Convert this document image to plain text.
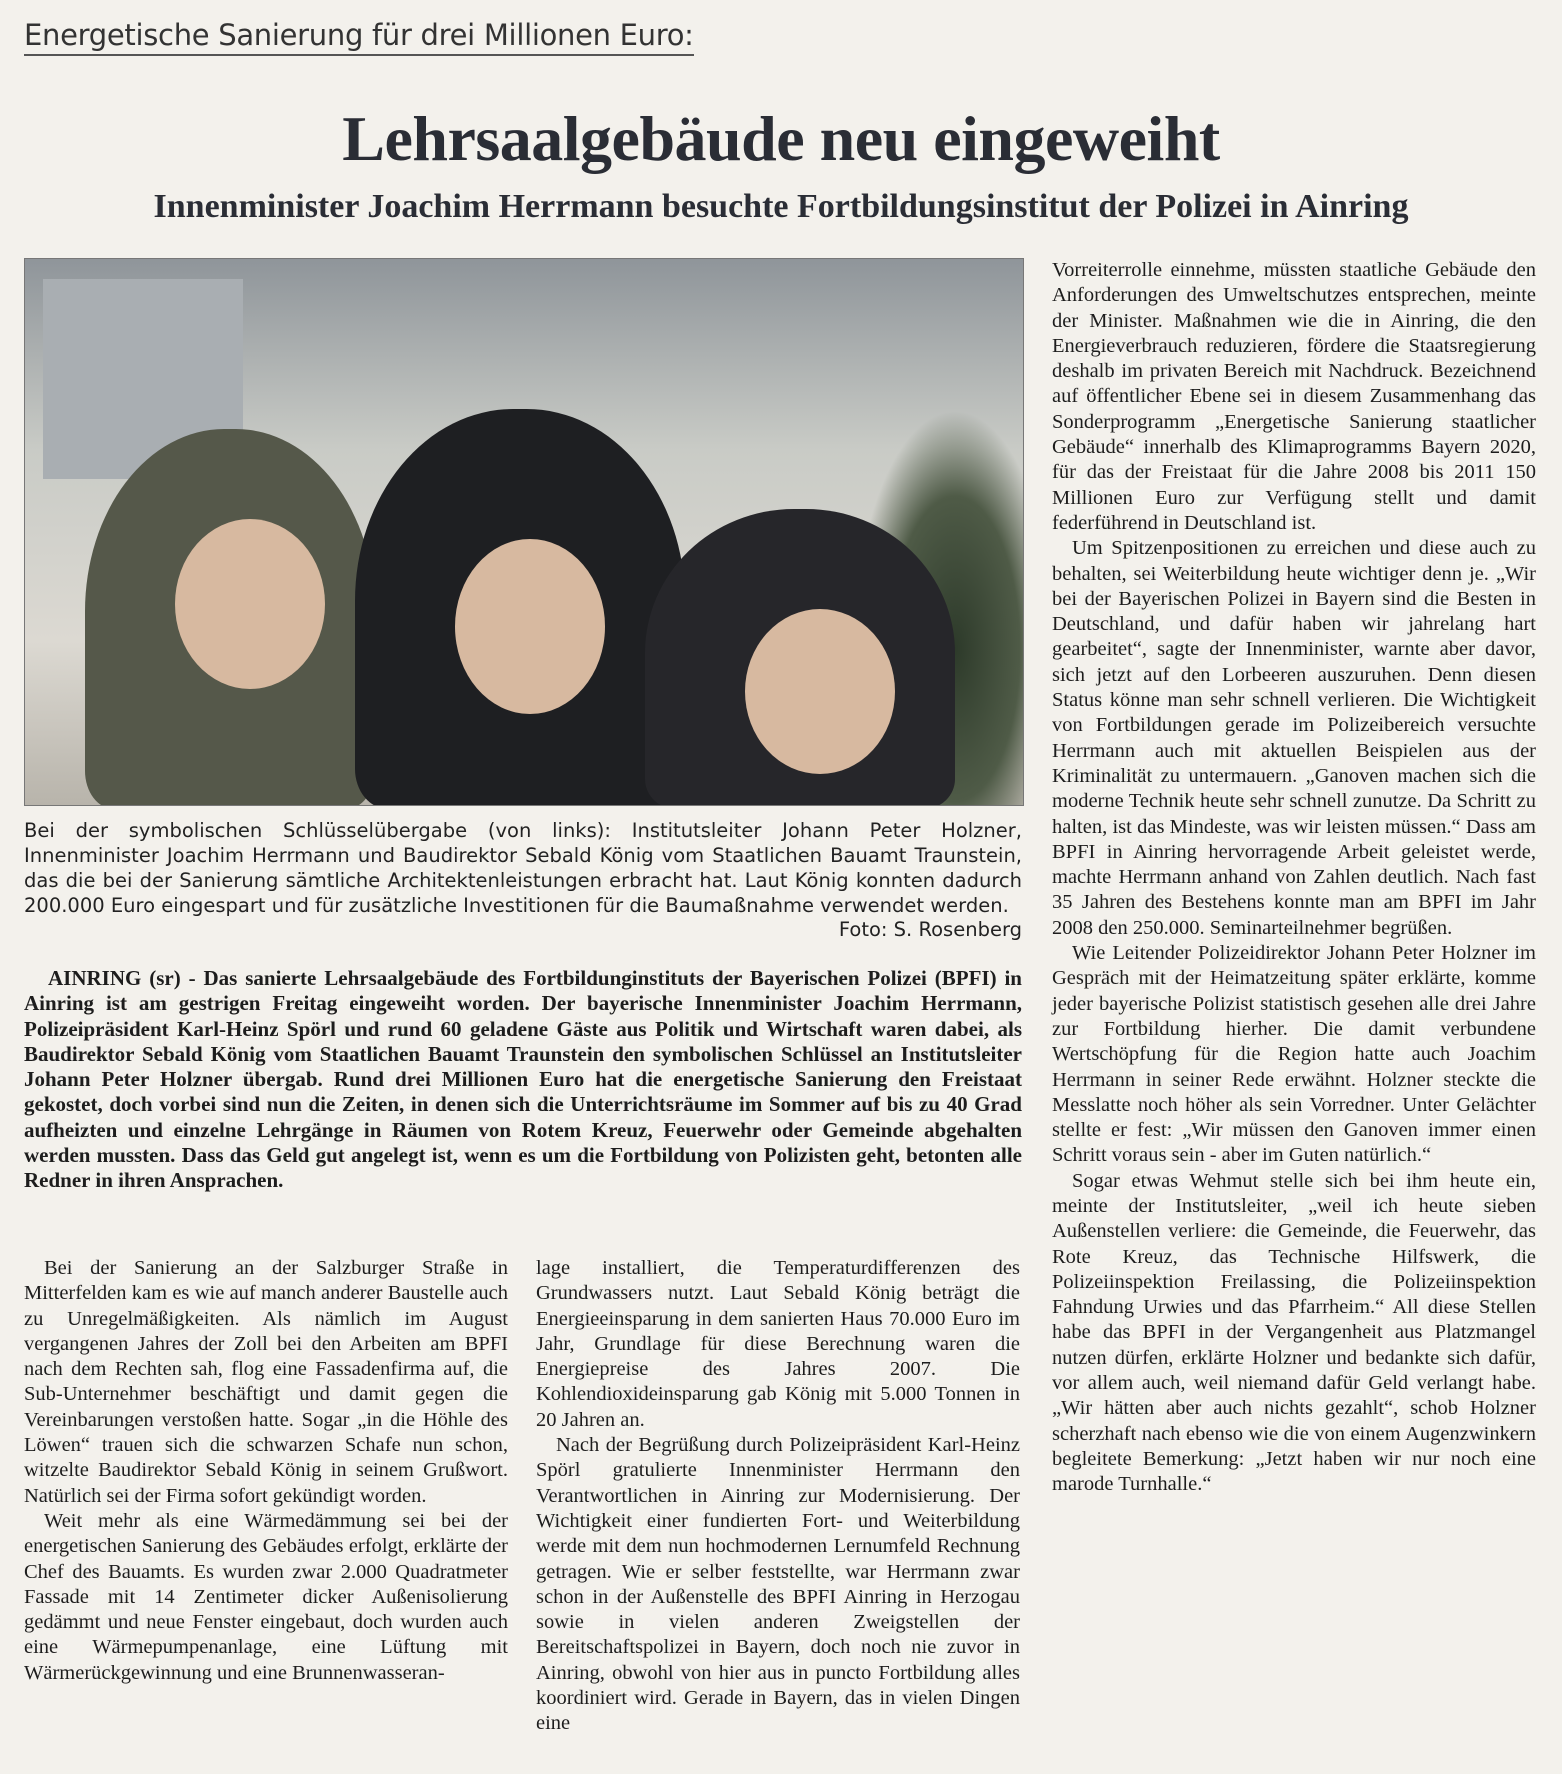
Energetische Sanierung für drei Millionen Euro:
Lehrsaalgebäude neu eingeweiht
Innenminister Joachim Herrmann besuchte Fortbildungsinstitut der Polizei in Ainring

Bei der symbolischen Schlüsselübergabe (von links): Institutsleiter Johann Peter Holzner, Innenminister Joachim Herrmann und Baudirektor Sebald König vom Staatlichen Bauamt Traunstein, das die bei der Sanierung sämtliche Architektenleistungen erbracht hat. Laut König konnten dadurch 200.000 Euro eingespart und für zusätzliche Investitionen für die Baumaßnahme verwendet werden.

Foto: S. Rosenberg

AINRING (sr) - Das sanierte Lehrsaalgebäude des Fortbildunginstituts der Bayerischen Polizei (BPFI) in Ainring ist am gestrigen Freitag eingeweiht worden. Der bayerische Innenminister Joachim Herrmann, Polizeipräsident Karl-Heinz Spörl und rund 60 geladene Gäste aus Politik und Wirtschaft waren dabei, als Baudirektor Sebald König vom Staatlichen Bauamt Traunstein den symbolischen Schlüssel an Institutsleiter Johann Peter Holzner übergab. Rund drei Millionen Euro hat die energetische Sanierung den Freistaat gekostet, doch vorbei sind nun die Zeiten, in denen sich die Unterrichtsräume im Sommer auf bis zu 40 Grad aufheizten und einzelne Lehrgänge in Räumen von Rotem Kreuz, Feuerwehr oder Gemeinde abgehalten werden mussten. Dass das Geld gut angelegt ist, wenn es um die Fortbildung von Polizisten geht, betonten alle Redner in ihren Ansprachen.

Bei der Sanierung an der Salzburger Straße in Mitterfelden kam es wie auf manch anderer Baustelle auch zu Unregelmäßigkeiten. Als nämlich im August vergangenen Jahres der Zoll bei den Arbeiten am BPFI nach dem Rechten sah, flog eine Fassadenfirma auf, die Sub-Unternehmer beschäftigt und damit gegen die Vereinbarungen verstoßen hatte. Sogar „in die Höhle des Löwen“ trauen sich die schwarzen Schafe nun schon, witzelte Baudirektor Sebald König in seinem Grußwort. Natürlich sei der Firma sofort gekündigt worden.

Weit mehr als eine Wärmedämmung sei bei der energetischen Sanierung des Gebäudes erfolgt, erklärte der Chef des Bauamts. Es wurden zwar 2.000 Quadratmeter Fassade mit 14 Zentimeter dicker Außenisolierung gedämmt und neue Fenster eingebaut, doch wurden auch eine Wärmepumpenanlage, eine Lüftung mit Wärmerückgewinnung und eine Brunnenwasseran-

lage installiert, die Temperaturdifferenzen des Grundwassers nutzt. Laut Sebald König beträgt die Energieeinsparung in dem sanierten Haus 70.000 Euro im Jahr, Grundlage für diese Berechnung waren die Energiepreise des Jahres 2007. Die Kohlendioxideinsparung gab König mit 5.000 Tonnen in 20 Jahren an.

Nach der Begrüßung durch Polizeipräsident Karl-Heinz Spörl gratulierte Innenminister Herrmann den Verantwortlichen in Ainring zur Modernisierung. Der Wichtigkeit einer fundierten Fort- und Weiterbildung werde mit dem nun hochmodernen Lernumfeld Rechnung getragen. Wie er selber feststellte, war Herrmann zwar schon in der Außenstelle des BPFI Ainring in Herzogau sowie in vielen anderen Zweigstellen der Bereitschaftspolizei in Bayern, doch noch nie zuvor in Ainring, obwohl von hier aus in puncto Fortbildung alles koordiniert wird. Gerade in Bayern, das in vielen Dingen eine

Vorreiterrolle einnehme, müssten staatliche Gebäude den Anforderungen des Umweltschutzes entsprechen, meinte der Minister. Maßnahmen wie die in Ainring, die den Energieverbrauch reduzieren, fördere die Staatsregierung deshalb im privaten Bereich mit Nachdruck. Bezeichnend auf öffentlicher Ebene sei in diesem Zusammenhang das Sonderprogramm „Energetische Sanierung staatlicher Gebäude“ innerhalb des Klimaprogramms Bayern 2020, für das der Freistaat für die Jahre 2008 bis 2011 150 Millionen Euro zur Verfügung stellt und damit federführend in Deutschland ist.

Um Spitzenpositionen zu erreichen und diese auch zu behalten, sei Weiterbildung heute wichtiger denn je. „Wir bei der Bayerischen Polizei in Bayern sind die Besten in Deutschland, und dafür haben wir jahrelang hart gearbeitet“, sagte der Innenminister, warnte aber davor, sich jetzt auf den Lorbeeren auszuruhen. Denn diesen Status könne man sehr schnell verlieren. Die Wichtigkeit von Fortbildungen gerade im Polizeibereich versuchte Herrmann auch mit aktuellen Beispielen aus der Kriminalität zu untermauern. „Ganoven machen sich die moderne Technik heute sehr schnell zunutze. Da Schritt zu halten, ist das Mindeste, was wir leisten müssen.“ Dass am BPFI in Ainring hervorragende Arbeit geleistet werde, machte Herrmann anhand von Zahlen deutlich. Nach fast 35 Jahren des Bestehens konnte man am BPFI im Jahr 2008 den 250.000. Seminarteilnehmer begrüßen.

Wie Leitender Polizeidirektor Johann Peter Holzner im Gespräch mit der Heimatzeitung später erklärte, komme jeder bayerische Polizist statistisch gesehen alle drei Jahre zur Fortbildung hierher. Die damit verbundene Wertschöpfung für die Region hatte auch Joachim Herrmann in seiner Rede erwähnt. Holzner steckte die Messlatte noch höher als sein Vorredner. Unter Gelächter stellte er fest: „Wir müssen den Ganoven immer einen Schritt voraus sein - aber im Guten natürlich.“

Sogar etwas Wehmut stelle sich bei ihm heute ein, meinte der Institutsleiter, „weil ich heute sieben Außenstellen verliere: die Gemeinde, die Feuerwehr, das Rote Kreuz, das Technische Hilfswerk, die Polizeiinspektion Freilassing, die Polizeiinspektion Fahndung Urwies und das Pfarrheim.“ All diese Stellen habe das BPFI in der Vergangenheit aus Platzmangel nutzen dürfen, erklärte Holzner und bedankte sich dafür, vor allem auch, weil niemand dafür Geld verlangt habe. „Wir hätten aber auch nichts gezahlt“, schob Holzner scherzhaft nach ebenso wie die von einem Augenzwinkern begleitete Bemerkung: „Jetzt haben wir nur noch eine marode Turnhalle.“
